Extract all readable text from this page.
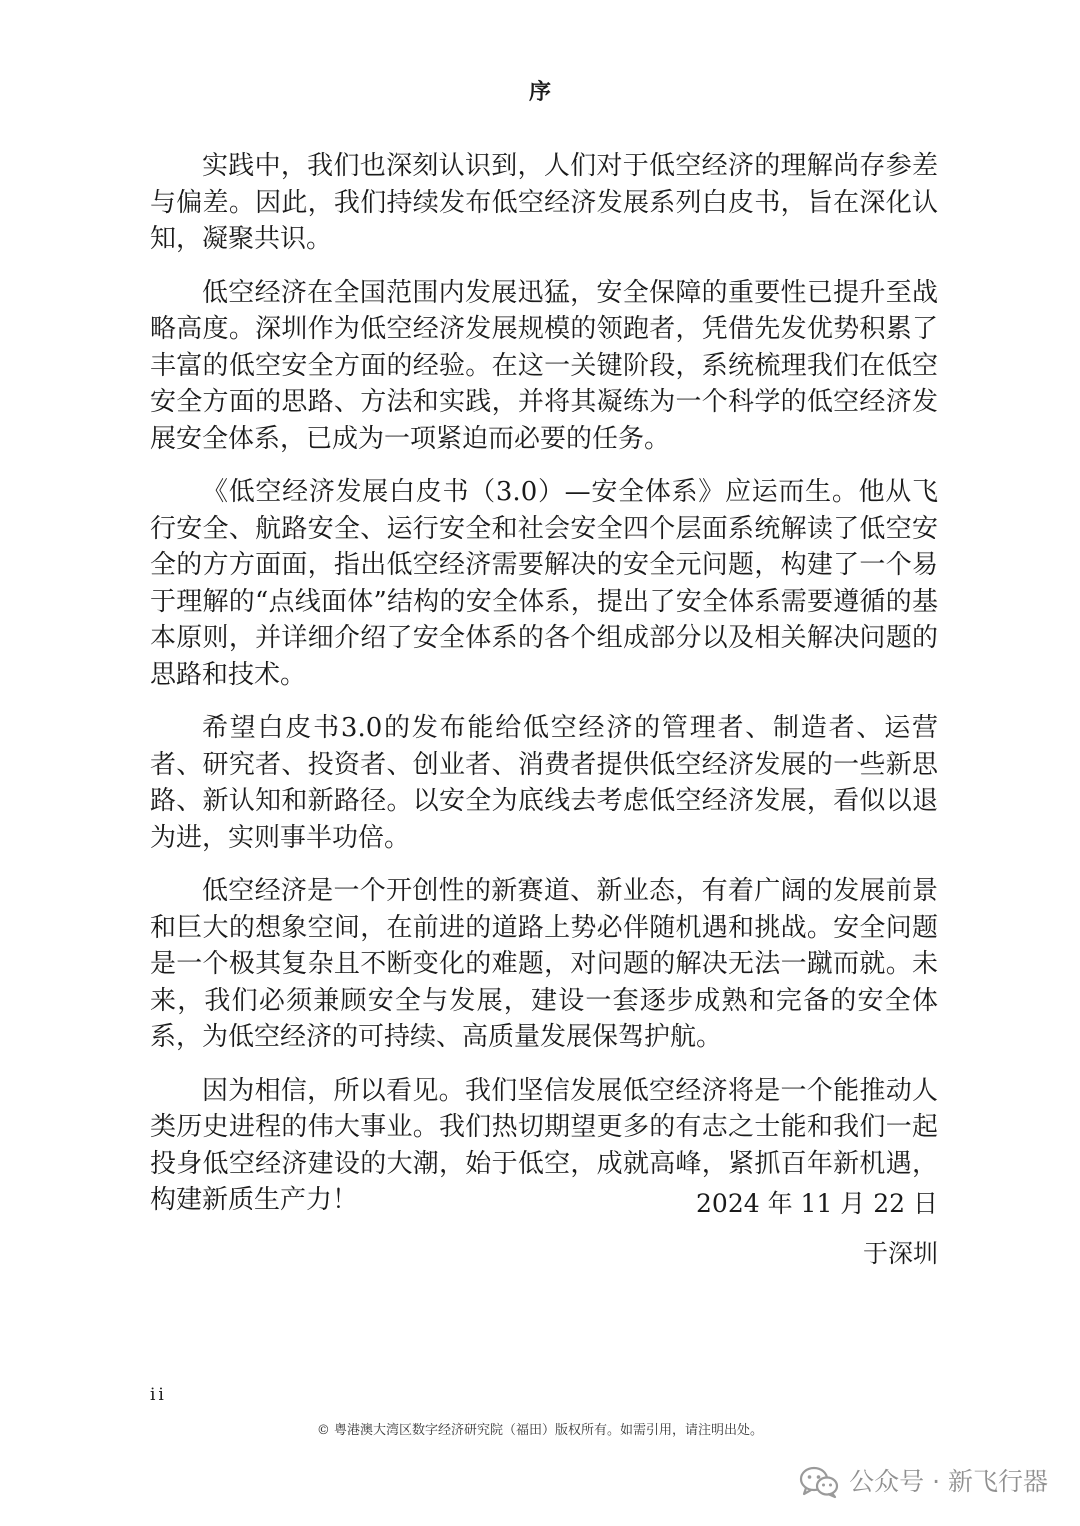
序

实践中，我们也深刻认识到，人们对于低空经济的理解尚存参差与偏差。因此，我们持续发布低空经济发展系列白皮书，旨在深化认知，凝聚共识。

低空经济在全国范围内发展迅猛，安全保障的重要性已提升至战略高度。深圳作为低空经济发展规模的领跑者，凭借先发优势积累了丰富的低空安全方面的经验。在这一关键阶段，系统梳理我们在低空安全方面的思路、方法和实践，并将其凝练为一个科学的低空经济发展安全体系，已成为一项紧迫而必要的任务。

《低空经济发展白皮书（3.0）—安全体系》应运而生。他从飞行安全、航路安全、运行安全和社会安全四个层面系统解读了低空安全的方方面面，指出低空经济需要解决的安全元问题，构建了一个易于理解的“点线面体”结构的安全体系，提出了安全体系需要遵循的基本原则，并详细介绍了安全体系的各个组成部分以及相关解决问题的思路和技术。

希望白皮书3.0的发布能给低空经济的管理者、制造者、运营者、研究者、投资者、创业者、消费者提供低空经济发展的一些新思路、新认知和新路径。以安全为底线去考虑低空经济发展，看似以退为进，实则事半功倍。

低空经济是一个开创性的新赛道、新业态，有着广阔的发展前景和巨大的想象空间，在前进的道路上势必伴随机遇和挑战。安全问题是一个极其复杂且不断变化的难题，对问题的解决无法一蹴而就。未来，我们必须兼顾安全与发展，建设一套逐步成熟和完备的安全体系，为低空经济的可持续、高质量发展保驾护航。

因为相信，所以看见。我们坚信发展低空经济将是一个能推动人类历史进程的伟大事业。我们热切期望更多的有志之士能和我们一起投身低空经济建设的大潮，始于低空，成就高峰，紧抓百年新机遇，构建新质生产力！	2024 年 11 月 22 日
于深圳
ii
© 粤港澳大湾区数字经济研究院（福田）版权所有。如需引用，请注明出处。
公众号 · 新飞行器
